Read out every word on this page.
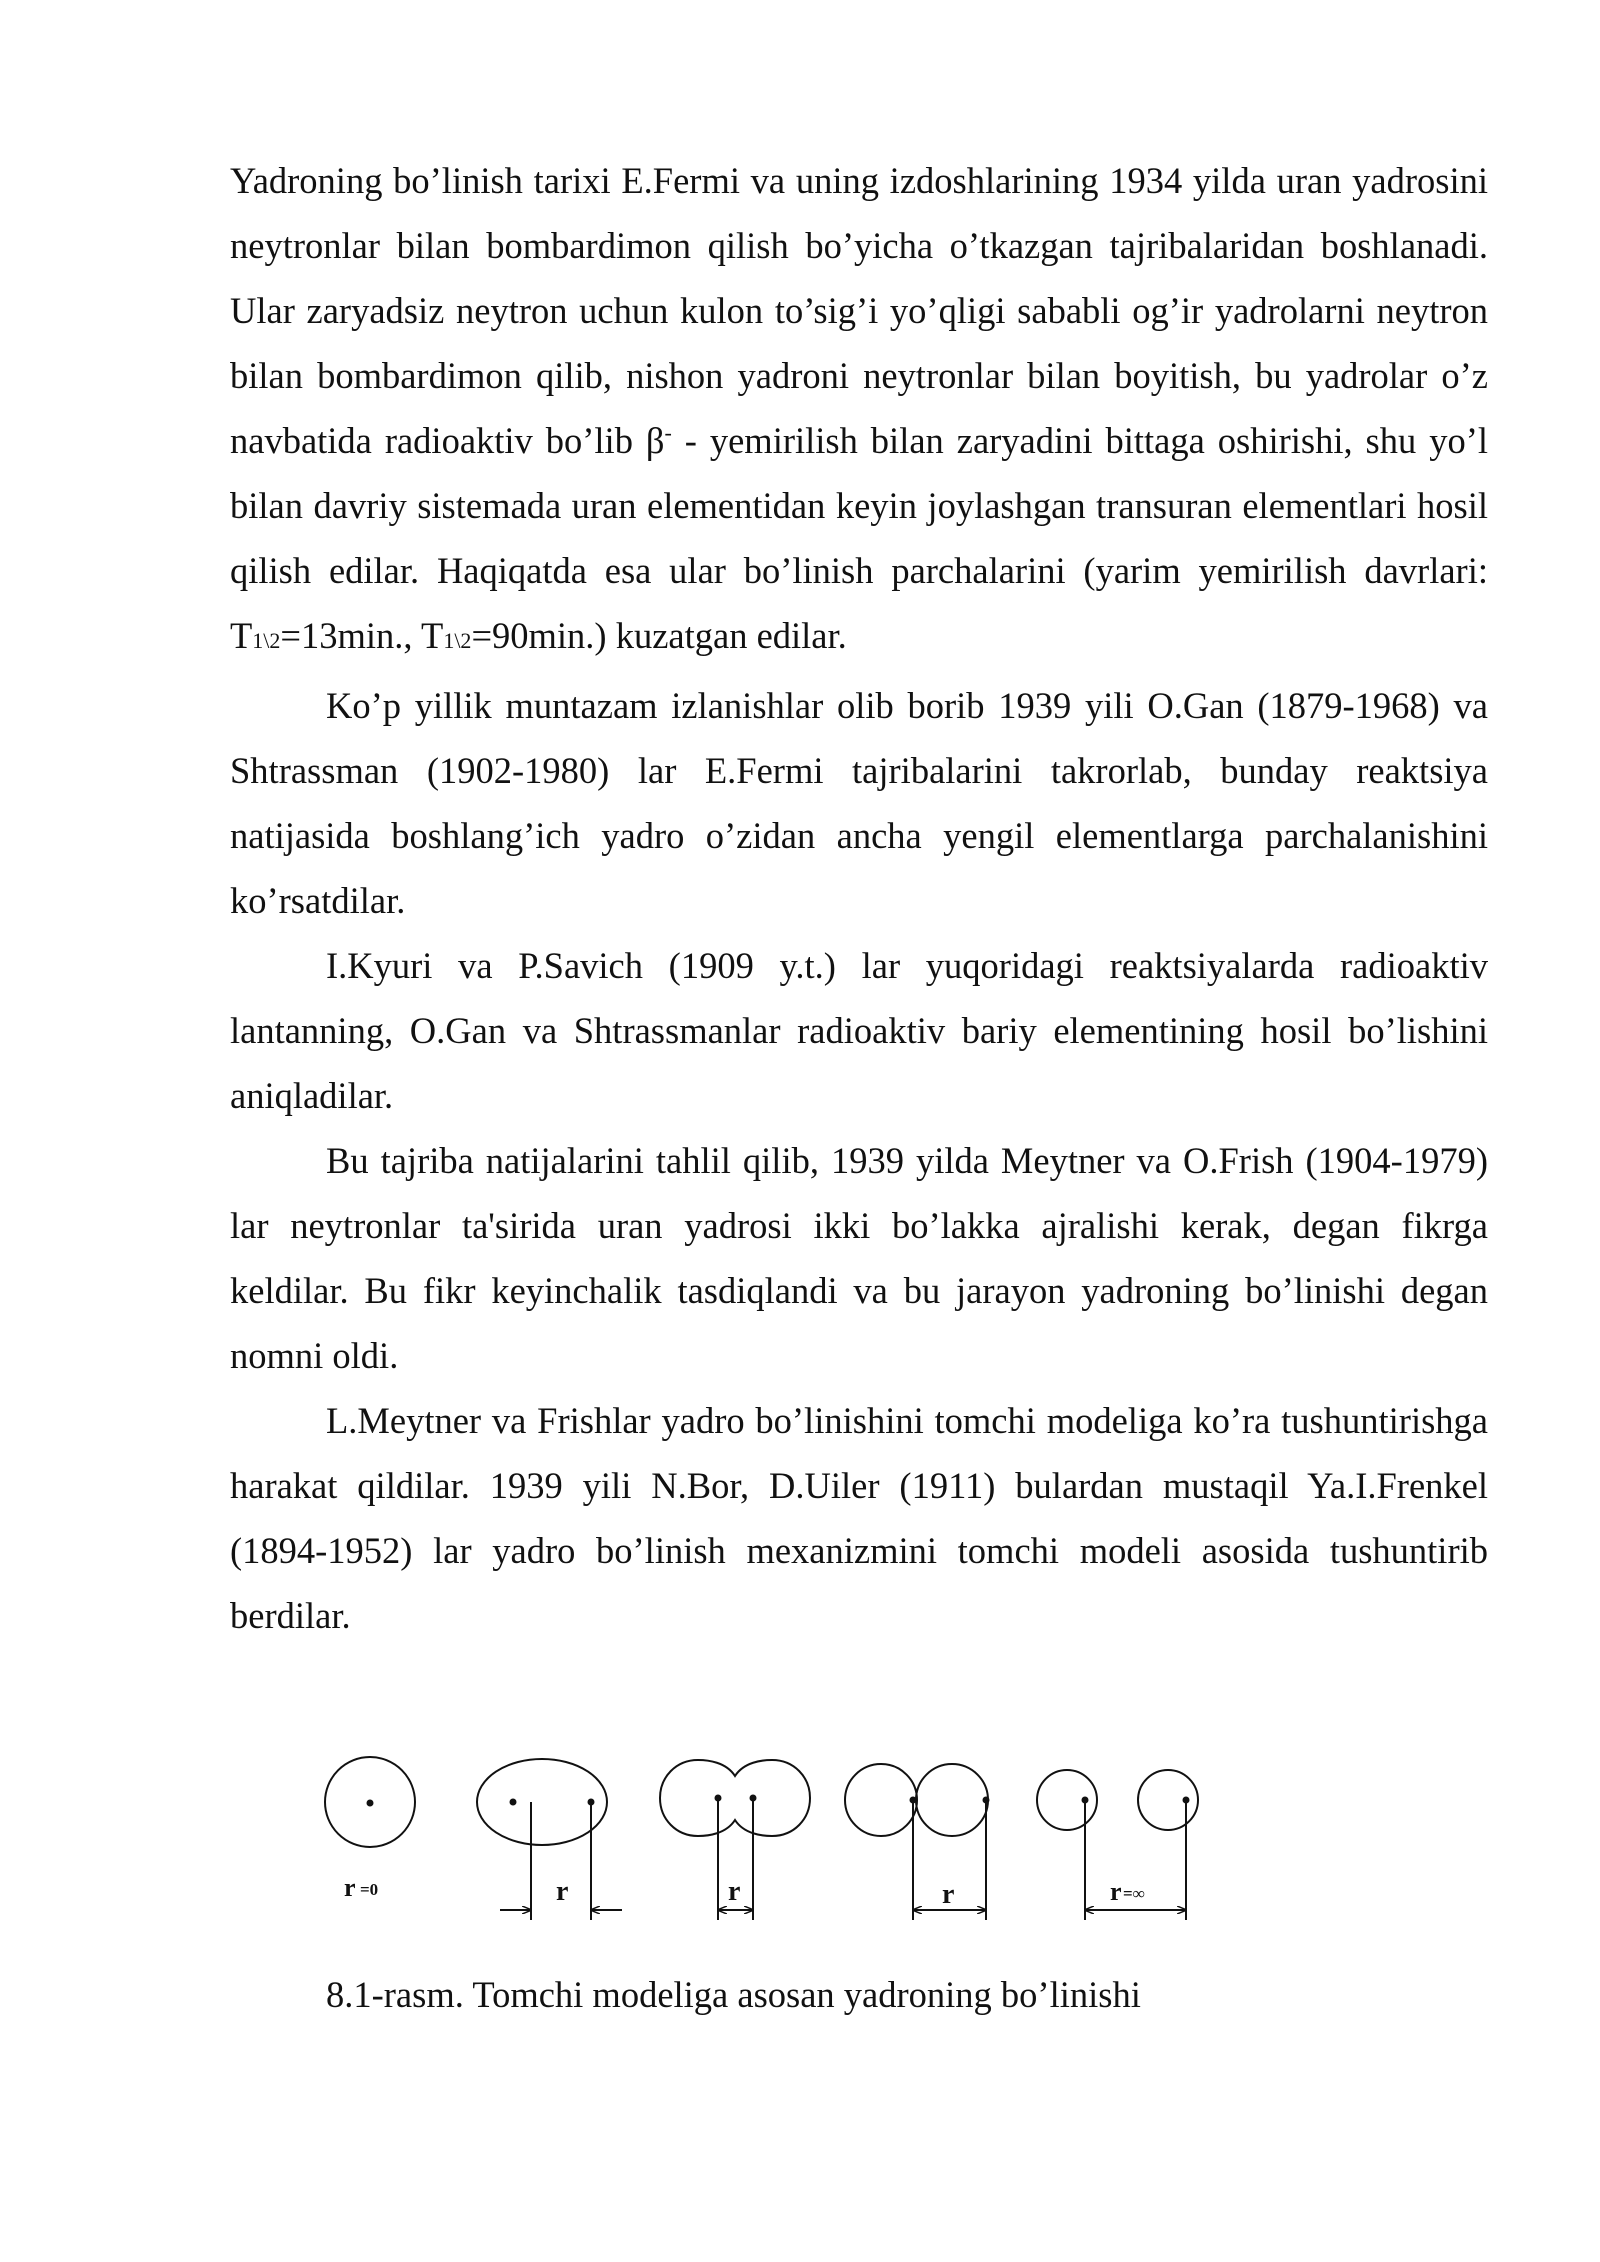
Yadroning bo’linish tarixi E.Fermi va uning izdoshlarining 1934 yilda uran yadrosini neytronlar bilan bombardimon qilish bo’yicha o’tkazgan tajribalaridan boshlanadi. Ular zaryadsiz neytron uchun kulon to’sig’i yo’qligi sababli og’ir yadrolarni neytron bilan bombardimon qilib, nishon yadroni neytronlar bilan boyitish, bu yadrolar o’z navbatida radioaktiv bo’lib β- - yemirilish bilan zaryadini bittaga oshirishi, shu yo’l bilan davriy sistemada uran elementidan keyin joylashgan transuran elementlari hosil qilish edilar. Haqiqatda esa ular bo’linish parchalarini (yarim yemirilish davrlari: T1\2=13min., T1\2=90min.) kuzatgan edilar.

Ko’p yillik muntazam izlanishlar olib borib 1939 yili O.Gan (1879-1968) va Shtrassman (1902-1980) lar E.Fermi tajribalarini takrorlab, bunday reaktsiya natijasida boshlang’ich yadro o’zidan ancha yengil elementlarga parchalanishini ko’rsatdilar.

I.Kyuri va P.Savich (1909 y.t.) lar yuqoridagi reaktsiyalarda radioaktiv lantanning, O.Gan va Shtrassmanlar radioaktiv bariy elementining hosil bo’lishini aniqladilar.

Bu tajriba natijalarini tahlil qilib, 1939 yilda Meytner va O.Frish (1904-1979) lar neytronlar ta'sirida uran yadrosi ikki bo’lakka ajralishi kerak, degan fikrga keldilar. Bu fikr keyinchalik tasdiqlandi va bu jarayon yadroning bo’linishi degan nomni oldi.

L.Meytner va Frishlar yadro bo’linishini tomchi modeliga ko’ra tushuntirishga harakat qildilar. 1939 yili N.Bor, D.Uiler (1911) bulardan mustaqil Ya.I.Frenkel (1894-1952) lar yadro bo’linish mexanizmini tomchi modeli asosida tushuntirib berdilar.

r =0	r	r	r	r =∞
8.1-rasm. Tomchi modeliga asosan yadroning bo’linishi
